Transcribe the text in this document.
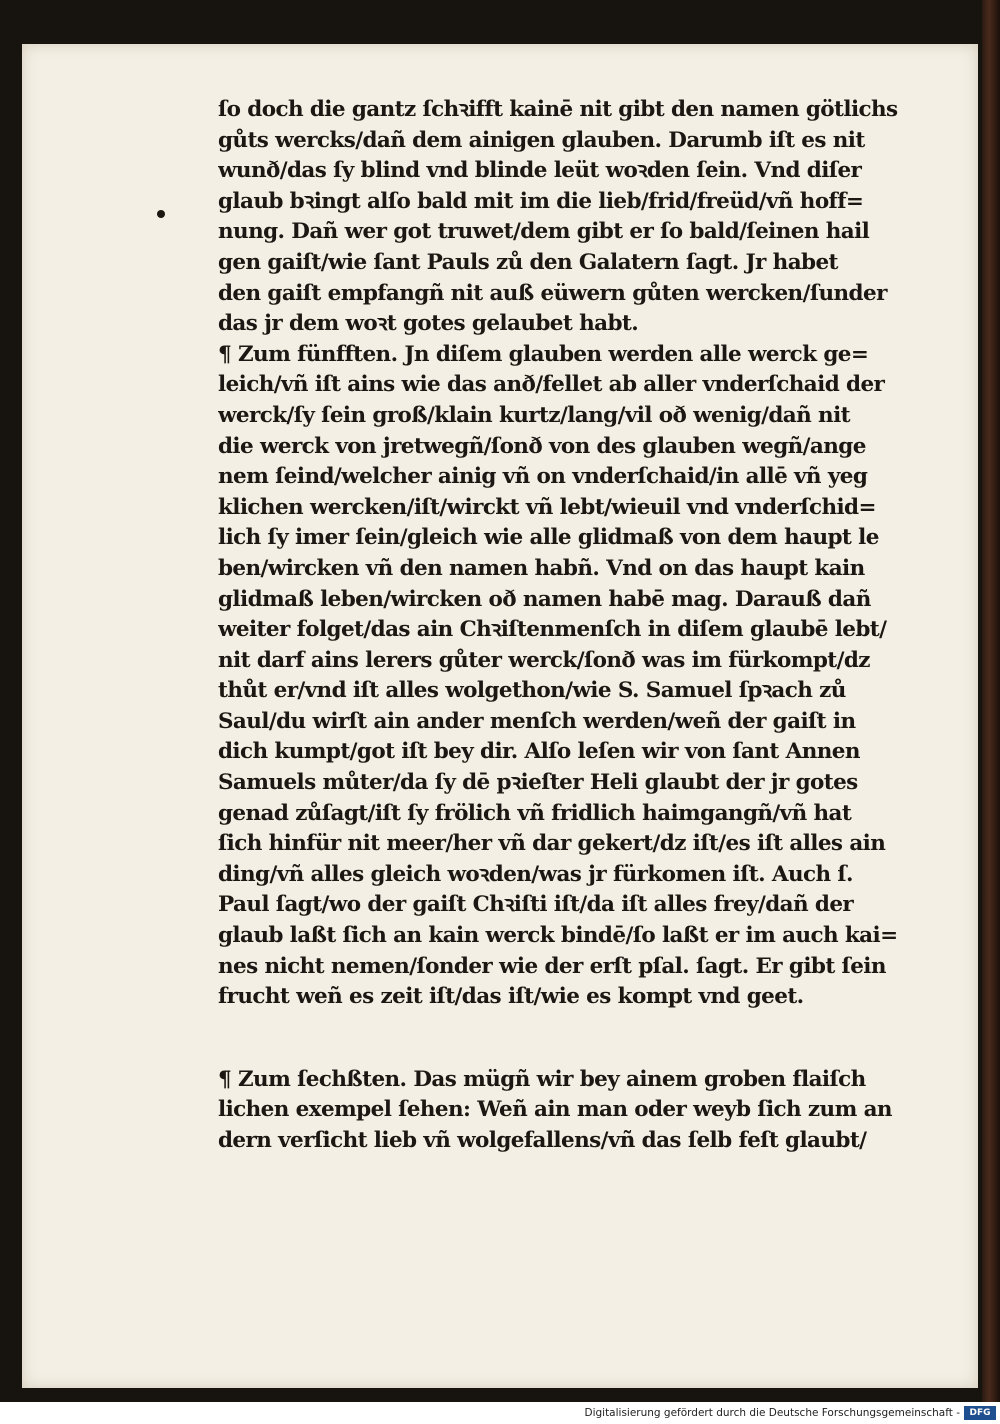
ſo doch die gantz ſchꝛifft kainē nit gibt den namen götlichs
gůts wercks/dañ dem ainigen glauben. Darumb iſt es nit
wunð/das ſy blind vnd blinde leüt woꝛden ſein. Vnd diſer
glaub bꝛingt alſo bald mit im die lieb/frid/freüd/vñ hoff=
nung. Dañ wer got truwet/dem gibt er ſo bald/ſeinen hail
gen gaiſt/wie ſant Pauls zů den Galatern ſagt. Jr habet
den gaiſt empfangñ nit auß eüwern gůten wercken/ſunder
das jr dem woꝛt gotes gelaubet habt.
¶ Zum fünfften. Jn diſem glauben werden alle werck ge=
leich/vñ iſt ains wie das anð/fellet ab aller vnderſchaid der
werck/ſy ſein groß/klain kurtz/lang/vil oð wenig/dañ nit
die werck von jretwegñ/ſonð von des glauben wegñ/ange
nem ſeind/welcher ainig vñ on vnderſchaid/in allē vñ yeg
klichen wercken/iſt/wirckt vñ lebt/wieuil vnd vnderſchid=
lich ſy imer ſein/gleich wie alle glidmaß von dem haupt le
ben/wircken vñ den namen habñ. Vnd on das haupt kain
glidmaß leben/wircken oð namen habē mag. Darauß dañ
weiter folget/das ain Chꝛiſtenmenſch in diſem glaubē lebt/
nit darf ains lerers gůter werck/ſonð was im fürkompt/dz
thůt er/vnd iſt alles wolgethon/wie S. Samuel ſpꝛach zů
Saul/du wirſt ain ander menſch werden/weñ der gaiſt in
dich kumpt/got iſt bey dir. Alſo leſen wir von ſant Annen
Samuels můter/da ſy dē pꝛieſter Heli glaubt der jr gotes
genad zůſagt/iſt ſy frölich vñ fridlich haimgangñ/vñ hat
ſich hinfür nit meer/her vñ dar gekert/dz iſt/es iſt alles ain
ding/vñ alles gleich woꝛden/was jr fürkomen iſt. Auch ſ.
Paul ſagt/wo der gaiſt Chꝛiſti iſt/da iſt alles frey/dañ der
glaub laßt ſich an kain werck bindē/ſo laßt er im auch kai=
nes nicht nemen/ſonder wie der erſt pſal. ſagt. Er gibt ſein
frucht weñ es zeit iſt/das iſt/wie es kompt vnd geet.
¶ Zum ſechßten. Das mügñ wir bey ainem groben flaiſch
lichen exempel ſehen: Weñ ain man oder weyb ſich zum an
dern verſicht lieb vñ wolgefallens/vñ das ſelb feſt glaubt/
Digitalisierung gefördert durch die Deutsche Forschungsgemeinschaft -	DFG
